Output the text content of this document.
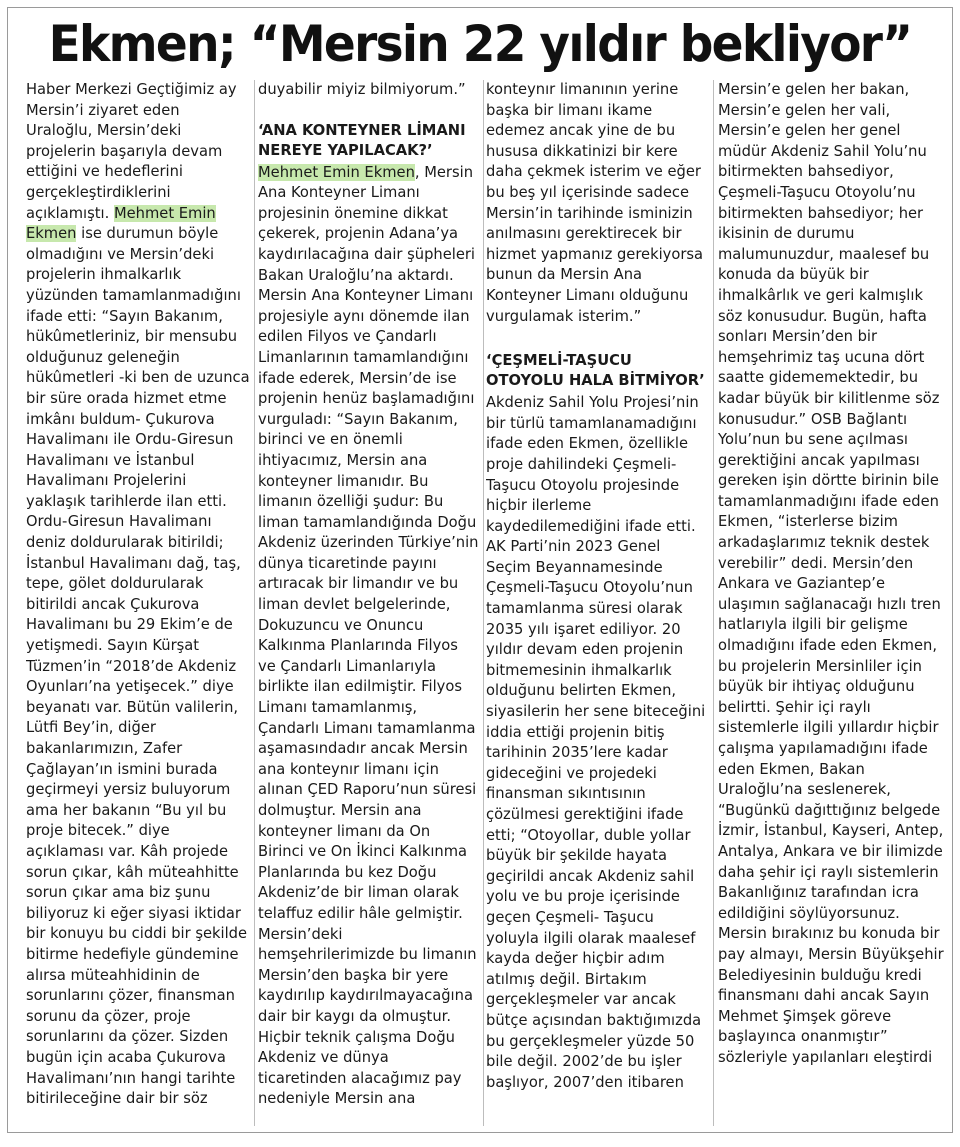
Ekmen; “Mersin 22 yıldır bekliyor”

Haber Merkezi Geçtiğimiz ay Mersin’i ziyaret eden Uraloğlu, Mersin’deki projelerin başarıyla devam ettiğini ve hedeflerini gerçekleştirdiklerini açıklamıştı. Mehmet Emin Ekmen ise durumun böyle olmadığını ve Mersin’deki projelerin ihmalkarlık yüzünden tamamlanmadığını ifade etti: “Sayın Bakanım, hükûmetleriniz, bir mensubu olduğunuz geleneğin hükûmetleri -ki ben de uzunca bir süre orada hizmet etme imkânı buldum- Çukurova Havalimanı ile Ordu-Giresun Havalimanı ve İstanbul Havalimanı Projelerini yaklaşık tarihlerde ilan etti. Ordu-Giresun Havalimanı deniz doldurularak bitirildi; İstanbul Havalimanı dağ, taş, tepe, gölet doldurularak bitirildi ancak Çukurova Havalimanı bu 29 Ekim’e de yetişmedi. Sayın Kürşat Tüzmen’in “2018’de Akdeniz Oyunları’na yetişecek.” diye beyanatı var. Bütün valilerin, Lütfi Bey’in, diğer bakanlarımızın, Zafer Çağlayan’ın ismini burada geçirmeyi yersiz buluyorum ama her bakanın “Bu yıl bu proje bitecek.” diye açıklaması var. Kâh projede sorun çıkar, kâh müteahhitte sorun çıkar ama biz şunu biliyoruz ki eğer siyasi iktidar bir konuyu bu ciddi bir şekilde bitirme hedefiyle gündemine alırsa müteahhidinin de sorunlarını çözer, finansman sorunu da çözer, proje sorunlarını da çözer. Sizden bugün için acaba Çukurova Havalimanı’nın hangi tarihte bitirileceğine dair bir söz

duyabilir miyiz bilmiyorum.”

‘ANA KONTEYNER LİMANI NEREYE YAPILACAK?’

Mehmet Emin Ekmen, Mersin Ana Konteyner Limanı projesinin önemine dikkat çekerek, projenin Adana’ya kaydırılacağına dair şüpheleri Bakan Uraloğlu’na aktardı. Mersin Ana Konteyner Limanı projesiyle aynı dönemde ilan edilen Filyos ve Çandarlı Limanlarının tamamlandığını ifade ederek, Mersin’de ise projenin henüz başlamadığını vurguladı: “Sayın Bakanım, birinci ve en önemli ihtiyacımız, Mersin ana konteyner limanıdır. Bu limanın özelliği şudur: Bu liman tamamlandığında Doğu Akdeniz üzerinden Türkiye’nin dünya ticaretinde payını artıracak bir limandır ve bu liman devlet belgelerinde, Dokuzuncu ve Onuncu Kalkınma Planlarında Filyos ve Çandarlı Limanlarıyla birlikte ilan edilmiştir. Filyos Limanı tamamlanmış, Çandarlı Limanı tamamlanma aşamasındadır ancak Mersin ana konteynır limanı için alınan ÇED Raporu’nun süresi dolmuştur. Mersin ana konteyner limanı da On Birinci ve On İkinci Kalkınma Planlarında bu kez Doğu Akdeniz’de bir liman olarak telaffuz edilir hâle gelmiştir. Mersin’deki hemşehrilerimizde bu limanın Mersin’den başka bir yere kaydırılıp kaydırılmayacağına dair bir kaygı da olmuştur. Hiçbir teknik çalışma Doğu Akdeniz ve dünya ticaretinden alacağımız pay nedeniyle Mersin ana

konteynır limanının yerine başka bir limanı ikame edemez ancak yine de bu hususa dikkatinizi bir kere daha çekmek isterim ve eğer bu beş yıl içerisinde sadece Mersin’in tarihinde isminizin anılmasını gerektirecek bir hizmet yapmanız gerekiyorsa bunun da Mersin Ana Konteyner Limanı olduğunu vurgulamak isterim.”

‘ÇEŞMELİ-TAŞUCU OTOYOLU HALA BİTMİYOR’

Akdeniz Sahil Yolu Projesi’nin bir türlü tamamlanamadığını ifade eden Ekmen, özellikle proje dahilindeki Çeşmeli-Taşucu Otoyolu projesinde hiçbir ilerleme kaydedilemediğini ifade etti. AK Parti’nin 2023 Genel Seçim Beyannamesinde Çeşmeli-Taşucu Otoyolu’nun tamamlanma süresi olarak 2035 yılı işaret ediliyor. 20 yıldır devam eden projenin bitmemesinin ihmalkarlık olduğunu belirten Ekmen, siyasilerin her sene biteceğini iddia ettiği projenin bitiş tarihinin 2035’lere kadar gideceğini ve projedeki finansman sıkıntısının çözülmesi gerektiğini ifade etti; “Otoyollar, duble yollar büyük bir şekilde hayata geçirildi ancak Akdeniz sahil yolu ve bu proje içerisinde geçen Çeşmeli- Taşucu yoluyla ilgili olarak maalesef kayda değer hiçbir adım atılmış değil. Birtakım gerçekleşmeler var ancak bütçe açısından baktığımızda bu gerçekleşmeler yüzde 50 bile değil. 2002’de bu işler başlıyor, 2007’den itibaren

Mersin’e gelen her bakan, Mersin’e gelen her vali, Mersin’e gelen her genel müdür Akdeniz Sahil Yolu’nu bitirmekten bahsediyor, Çeşmeli-Taşucu Otoyolu’nu bitirmekten bahsediyor; her ikisinin de durumu malumunuzdur, maalesef bu konuda da büyük bir ihmalkârlık ve geri kalmışlık söz konusudur. Bugün, hafta sonları Mersin’den bir hemşehrimiz taş ucuna dört saatte gidememektedir, bu kadar büyük bir kilitlenme söz konusudur.” OSB Bağlantı Yolu’nun bu sene açılması gerektiğini ancak yapılması gereken işin dörtte birinin bile tamamlanmadığını ifade eden Ekmen, “isterlerse bizim arkadaşlarımız teknik destek verebilir” dedi. Mersin’den Ankara ve Gaziantep’e ulaşımın sağlanacağı hızlı tren hatlarıyla ilgili bir gelişme olmadığını ifade eden Ekmen, bu projelerin Mersinliler için büyük bir ihtiyaç olduğunu belirtti. Şehir içi raylı sistemlerle ilgili yıllardır hiçbir çalışma yapılamadığını ifade eden Ekmen, Bakan Uraloğlu’na seslenerek, “Bugünkü dağıttığınız belgede İzmir, İstanbul, Kayseri, Antep, Antalya, Ankara ve bir ilimizde daha şehir içi raylı sistemlerin Bakanlığınız tarafından icra edildiğini söylüyorsunuz. Mersin bırakınız bu konuda bir pay almayı, Mersin Büyükşehir Belediyesinin bulduğu kredi finansmanı dahi ancak Sayın Mehmet Şimşek göreve başlayınca onanmıştır” sözleriyle yapılanları eleştirdi
